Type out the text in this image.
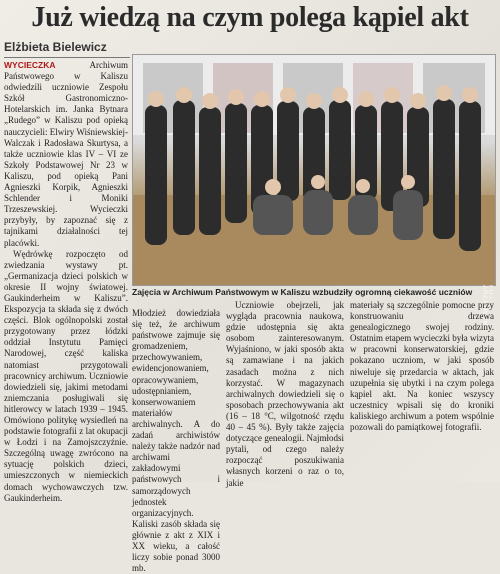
Już wiedzą na czym polega kąpiel akt
Elżbieta Bielewicz

WYCIECZKA	Archiwum Państwowego w Kaliszu odwiedzili uczniowie Zespołu Szkół Gastronomiczno-Hotelarskich im. Janka Bytnara „Rudego” w Kaliszu pod opieką nauczycieli: Elwiry Wiśniewskiej-Walczak i Radosława Skurtysa, a także uczniowie klas IV – VI ze Szkoły Podstawowej Nr 23 w Kaliszu, pod opieką Pani Agnieszki Korpik, Agnieszki Schlender i Moniki Trzeszewskiej. Wycieczki przybyły, by zapoznać się z tajnikami działalności tej placówki.

Wędrówkę rozpoczęto od zwiedzania wystawy pt. „Germanizacja dzieci polskich w okresie II wojny światowej. Gaukinderheim w Kaliszu”. Ekspozycja ta składa się z dwóch części. Blok ogólnopolski został przygotowany przez łódzki oddział Instytutu Pamięci Narodowej, część kaliska natomiast przygotowali pracownicy archiwum. Uczniowie dowiedzieli się, jakimi metodami zniemczania posługiwali się hitlerowcy w latach 1939 – 1945. Omówiono politykę wysiedleń na podstawie fotografii z lat okupacji w Łodzi i na Zamojszczyźnie. Szczególną uwagę zwrócono na sytuację polskich dzieci, umieszczonych w niemieckich domach wychowawczych tzw. Gaukinderheim.

FOT. ARCHIWUM
Zajęcia w Archiwum Państwowym w Kaliszu wzbudziły ogromną ciekawość uczniów

Młodzież dowiedziała się też, że archiwum państwowe zajmuje się gromadzeniem, przechowywaniem, ewidencjonowaniem, opracowywaniem, udostępnianiem, konserwowaniem materiałów archiwalnych. A do zadań archiwistów należy także nadzór nad archiwami zakładowymi państwowych i samorządowych jednostek organizacyjnych. Kaliski zasób składa się głównie z akt z XIX i XX wieku, a całość liczy sobie ponad 3000 mb.

Uczniowie obejrzeli, jak wygląda pracownia naukowa, gdzie udostępnia się akta osobom zainteresowanym. Wyjaśniono, w jaki sposób akta są zamawiane i na jakich zasadach można z nich korzystać. W magazynach archiwalnych dowiedzieli się o sposobach przechowywania akt (16 – 18 °C, wilgotność rzędu 40 – 45 %). Były także zajęcia dotyczące genealogii. Najmłodsi pytali, od czego należy rozpocząć poszukiwania własnych korzeni o raz o to, jakie

materiały są szczególnie pomocne przy konstruowaniu drzewa genealogicznego swojej rodziny. Ostatnim etapem wycieczki była wizyta w pracowni konserwatorskiej, gdzie pokazano uczniom, w jaki sposób niweluje się przedarcia w aktach, jak uzupełnia się ubytki i na czym polega kąpiel akt. Na koniec wszyscy uczestnicy wpisali się do kroniki kaliskiego archiwum a potem wspólnie pozowali do pamiątkowej fotografii.
